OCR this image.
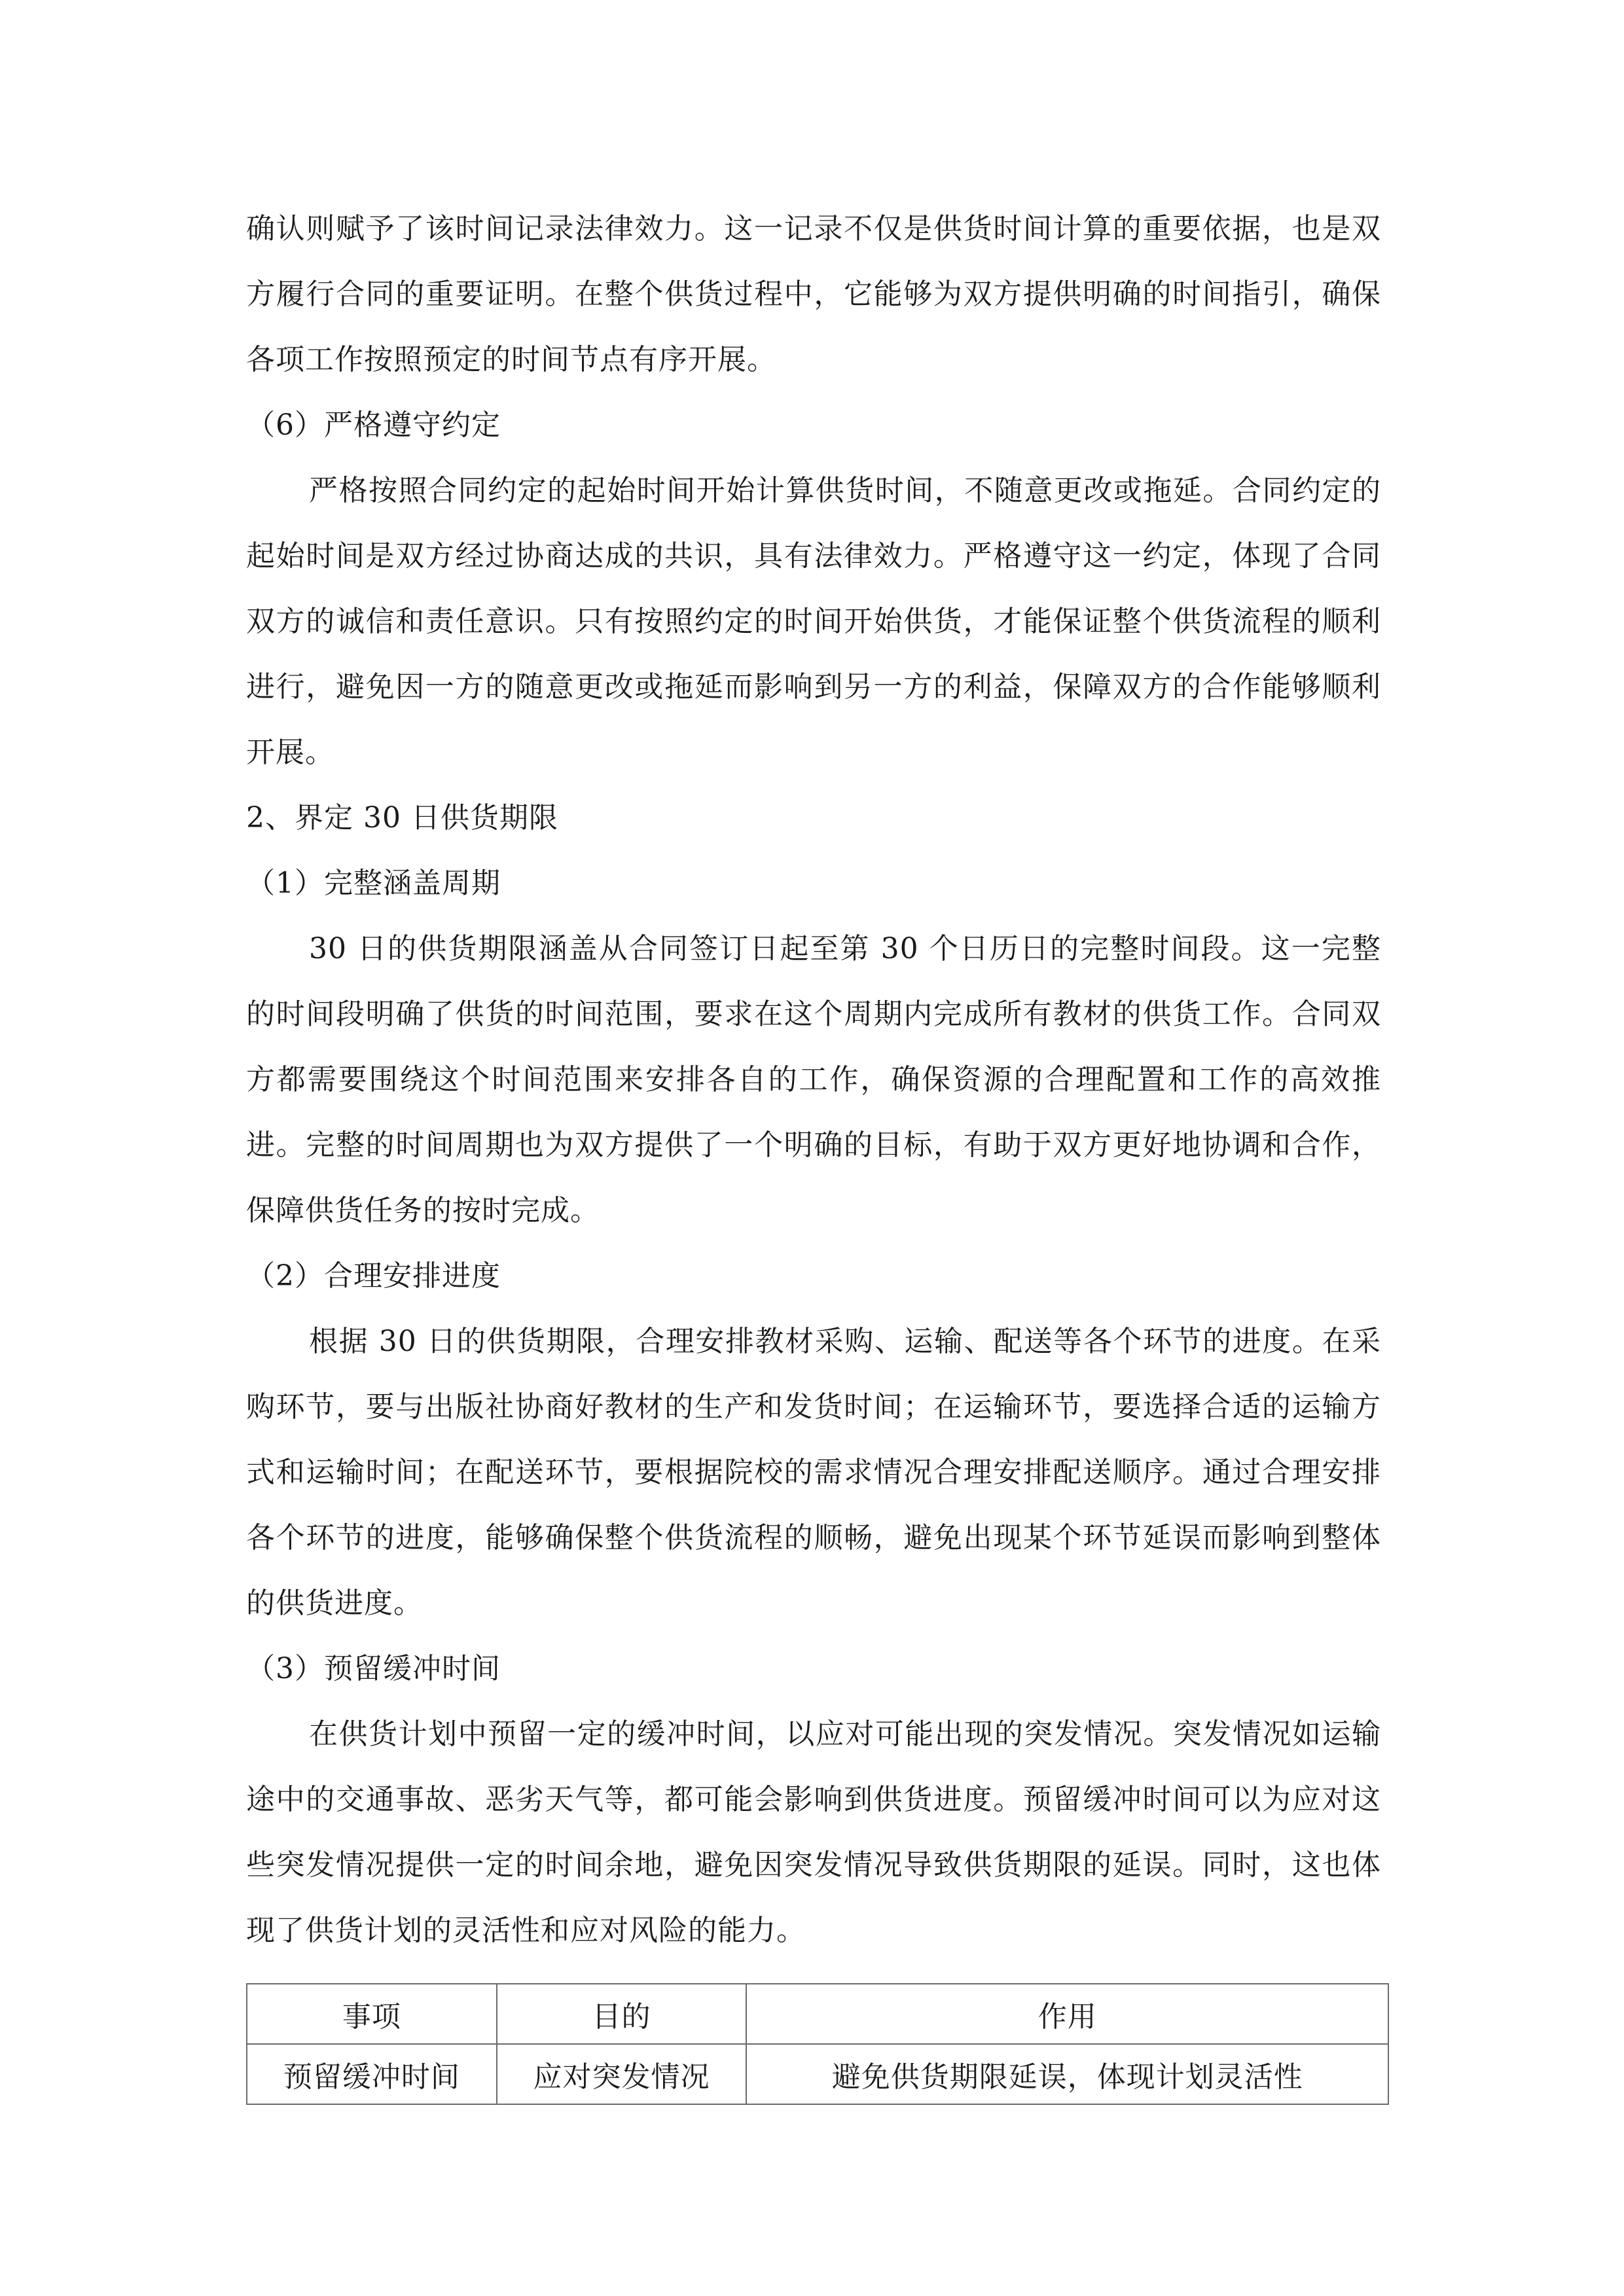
确认则赋予了该时间记录法律效力。这一记录不仅是供货时间计算的重要依据，也是双方履行合同的重要证明。在整个供货过程中，它能够为双方提供明确的时间指引，确保各项工作按照预定的时间节点有序开展。

（6）严格遵守约定

严格按照合同约定的起始时间开始计算供货时间，不随意更改或拖延。合同约定的起始时间是双方经过协商达成的共识，具有法律效力。严格遵守这一约定，体现了合同双方的诚信和责任意识。只有按照约定的时间开始供货，才能保证整个供货流程的顺利进行，避免因一方的随意更改或拖延而影响到另一方的利益，保障双方的合作能够顺利开展。

2、界定 30 日供货期限

（1）完整涵盖周期

30 日的供货期限涵盖从合同签订日起至第 30 个日历日的完整时间段。这一完整的时间段明确了供货的时间范围，要求在这个周期内完成所有教材的供货工作。合同双方都需要围绕这个时间范围来安排各自的工作，确保资源的合理配置和工作的高效推进。完整的时间周期也为双方提供了一个明确的目标，有助于双方更好地协调和合作，保障供货任务的按时完成。

（2）合理安排进度

根据 30 日的供货期限，合理安排教材采购、运输、配送等各个环节的进度。在采购环节，要与出版社协商好教材的生产和发货时间；在运输环节，要选择合适的运输方式和运输时间；在配送环节，要根据院校的需求情况合理安排配送顺序。通过合理安排各个环节的进度，能够确保整个供货流程的顺畅，避免出现某个环节延误而影响到整体的供货进度。

（3）预留缓冲时间

在供货计划中预留一定的缓冲时间，以应对可能出现的突发情况。突发情况如运输途中的交通事故、恶劣天气等，都可能会影响到供货进度。预留缓冲时间可以为应对这些突发情况提供一定的时间余地，避免因突发情况导致供货期限的延误。同时，这也体现了供货计划的灵活性和应对风险的能力。

事项	目的	作用
预留缓冲时间	应对突发情况	避免供货期限延误，体现计划灵活性
